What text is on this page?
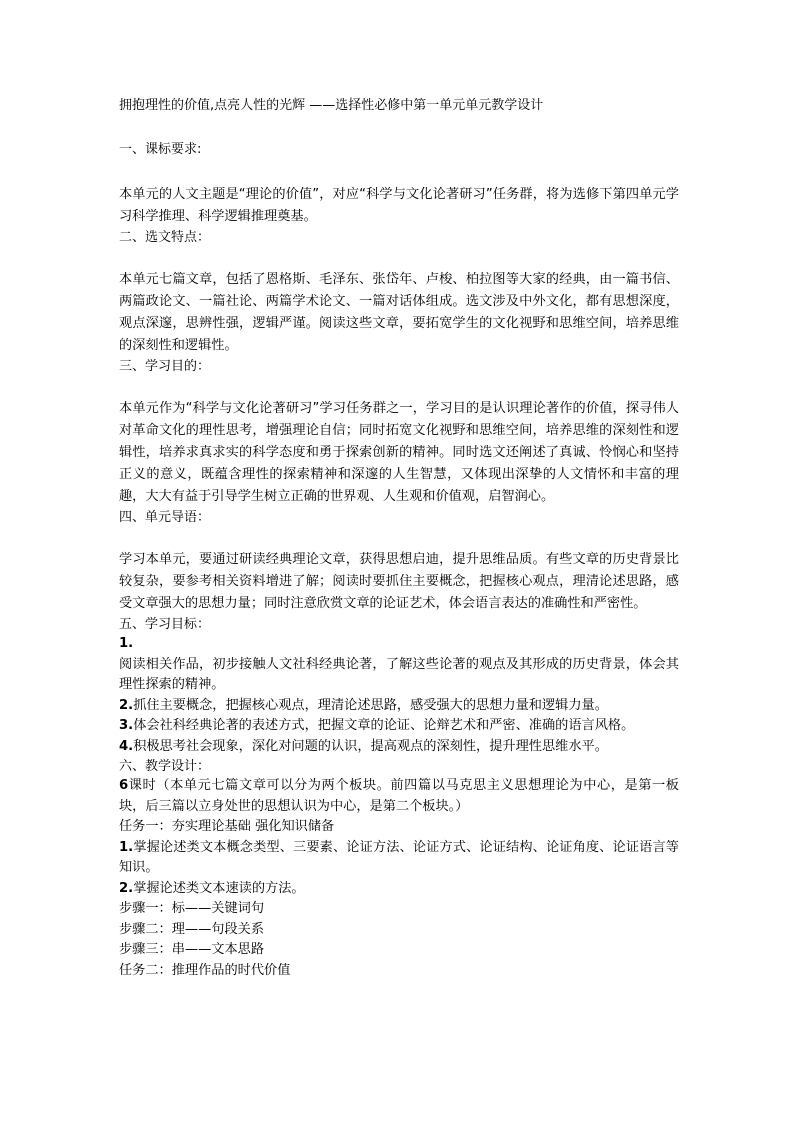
拥抱理性的价值,点亮人性的光辉 ——选择性必修中第一单元单元教学设计

一、课标要求:

本单元的人文主题是“理论的价值”，对应“科学与文化论著研习”任务群，将为选修下第四单元学习科学推理、科学逻辑推理奠基。

二、选文特点：

本单元七篇文章，包括了恩格斯、毛泽东、张岱年、卢梭、柏拉图等大家的经典，由一篇书信、两篇政论文、一篇社论、两篇学术论文、一篇对话体组成。选文涉及中外文化，都有思想深度，观点深邃，思辨性强，逻辑严谨。阅读这些文章，要拓宽学生的文化视野和思维空间，培养思维的深刻性和逻辑性。

三、学习目的：

本单元作为“科学与文化论著研习”学习任务群之一，学习目的是认识理论著作的价值，探寻伟人对革命文化的理性思考，增强理论自信；同时拓宽文化视野和思维空间，培养思维的深刻性和逻辑性，培养求真求实的科学态度和勇于探索创新的精神。同时选文还阐述了真诚、怜悯心和坚持正义的意义，既蕴含理性的探索精神和深邃的人生智慧，又体现出深挚的人文情怀和丰富的理趣，大大有益于引导学生树立正确的世界观、人生观和价值观，启智润心。

四、单元导语：

学习本单元，要通过研读经典理论文章，获得思想启迪，提升思维品质。有些文章的历史背景比较复杂，要参考相关资料增进了解；阅读时要抓住主要概念，把握核心观点，理清论述思路，感受文章强大的思想力量；同时注意欣赏文章的论证艺术，体会语言表达的准确性和严密性。

五、学习目标：

1.

阅读相关作品，初步接触人文社科经典论著，了解这些论著的观点及其形成的历史背景，体会其理性探索的精神。

2.抓住主要概念，把握核心观点，理清论述思路，感受强大的思想力量和逻辑力量。

3.体会社科经典论著的表述方式，把握文章的论证、论辩艺术和严密、准确的语言风格。

4.积极思考社会现象，深化对问题的认识，提高观点的深刻性，提升理性思维水平。

六、教学设计：

6课时（本单元七篇文章可以分为两个板块。前四篇以马克思主义思想理论为中心，是第一板块，后三篇以立身处世的思想认识为中心，是第二个板块。）

任务一：夯实理论基础 强化知识储备

1.掌握论述类文本概念类型、三要素、论证方法、论证方式、论证结构、论证角度、论证语言等知识。

2.掌握论述类文本速读的方法。

步骤一：标——关键词句

步骤二：理——句段关系

步骤三：串——文本思路

任务二：推理作品的时代价值
